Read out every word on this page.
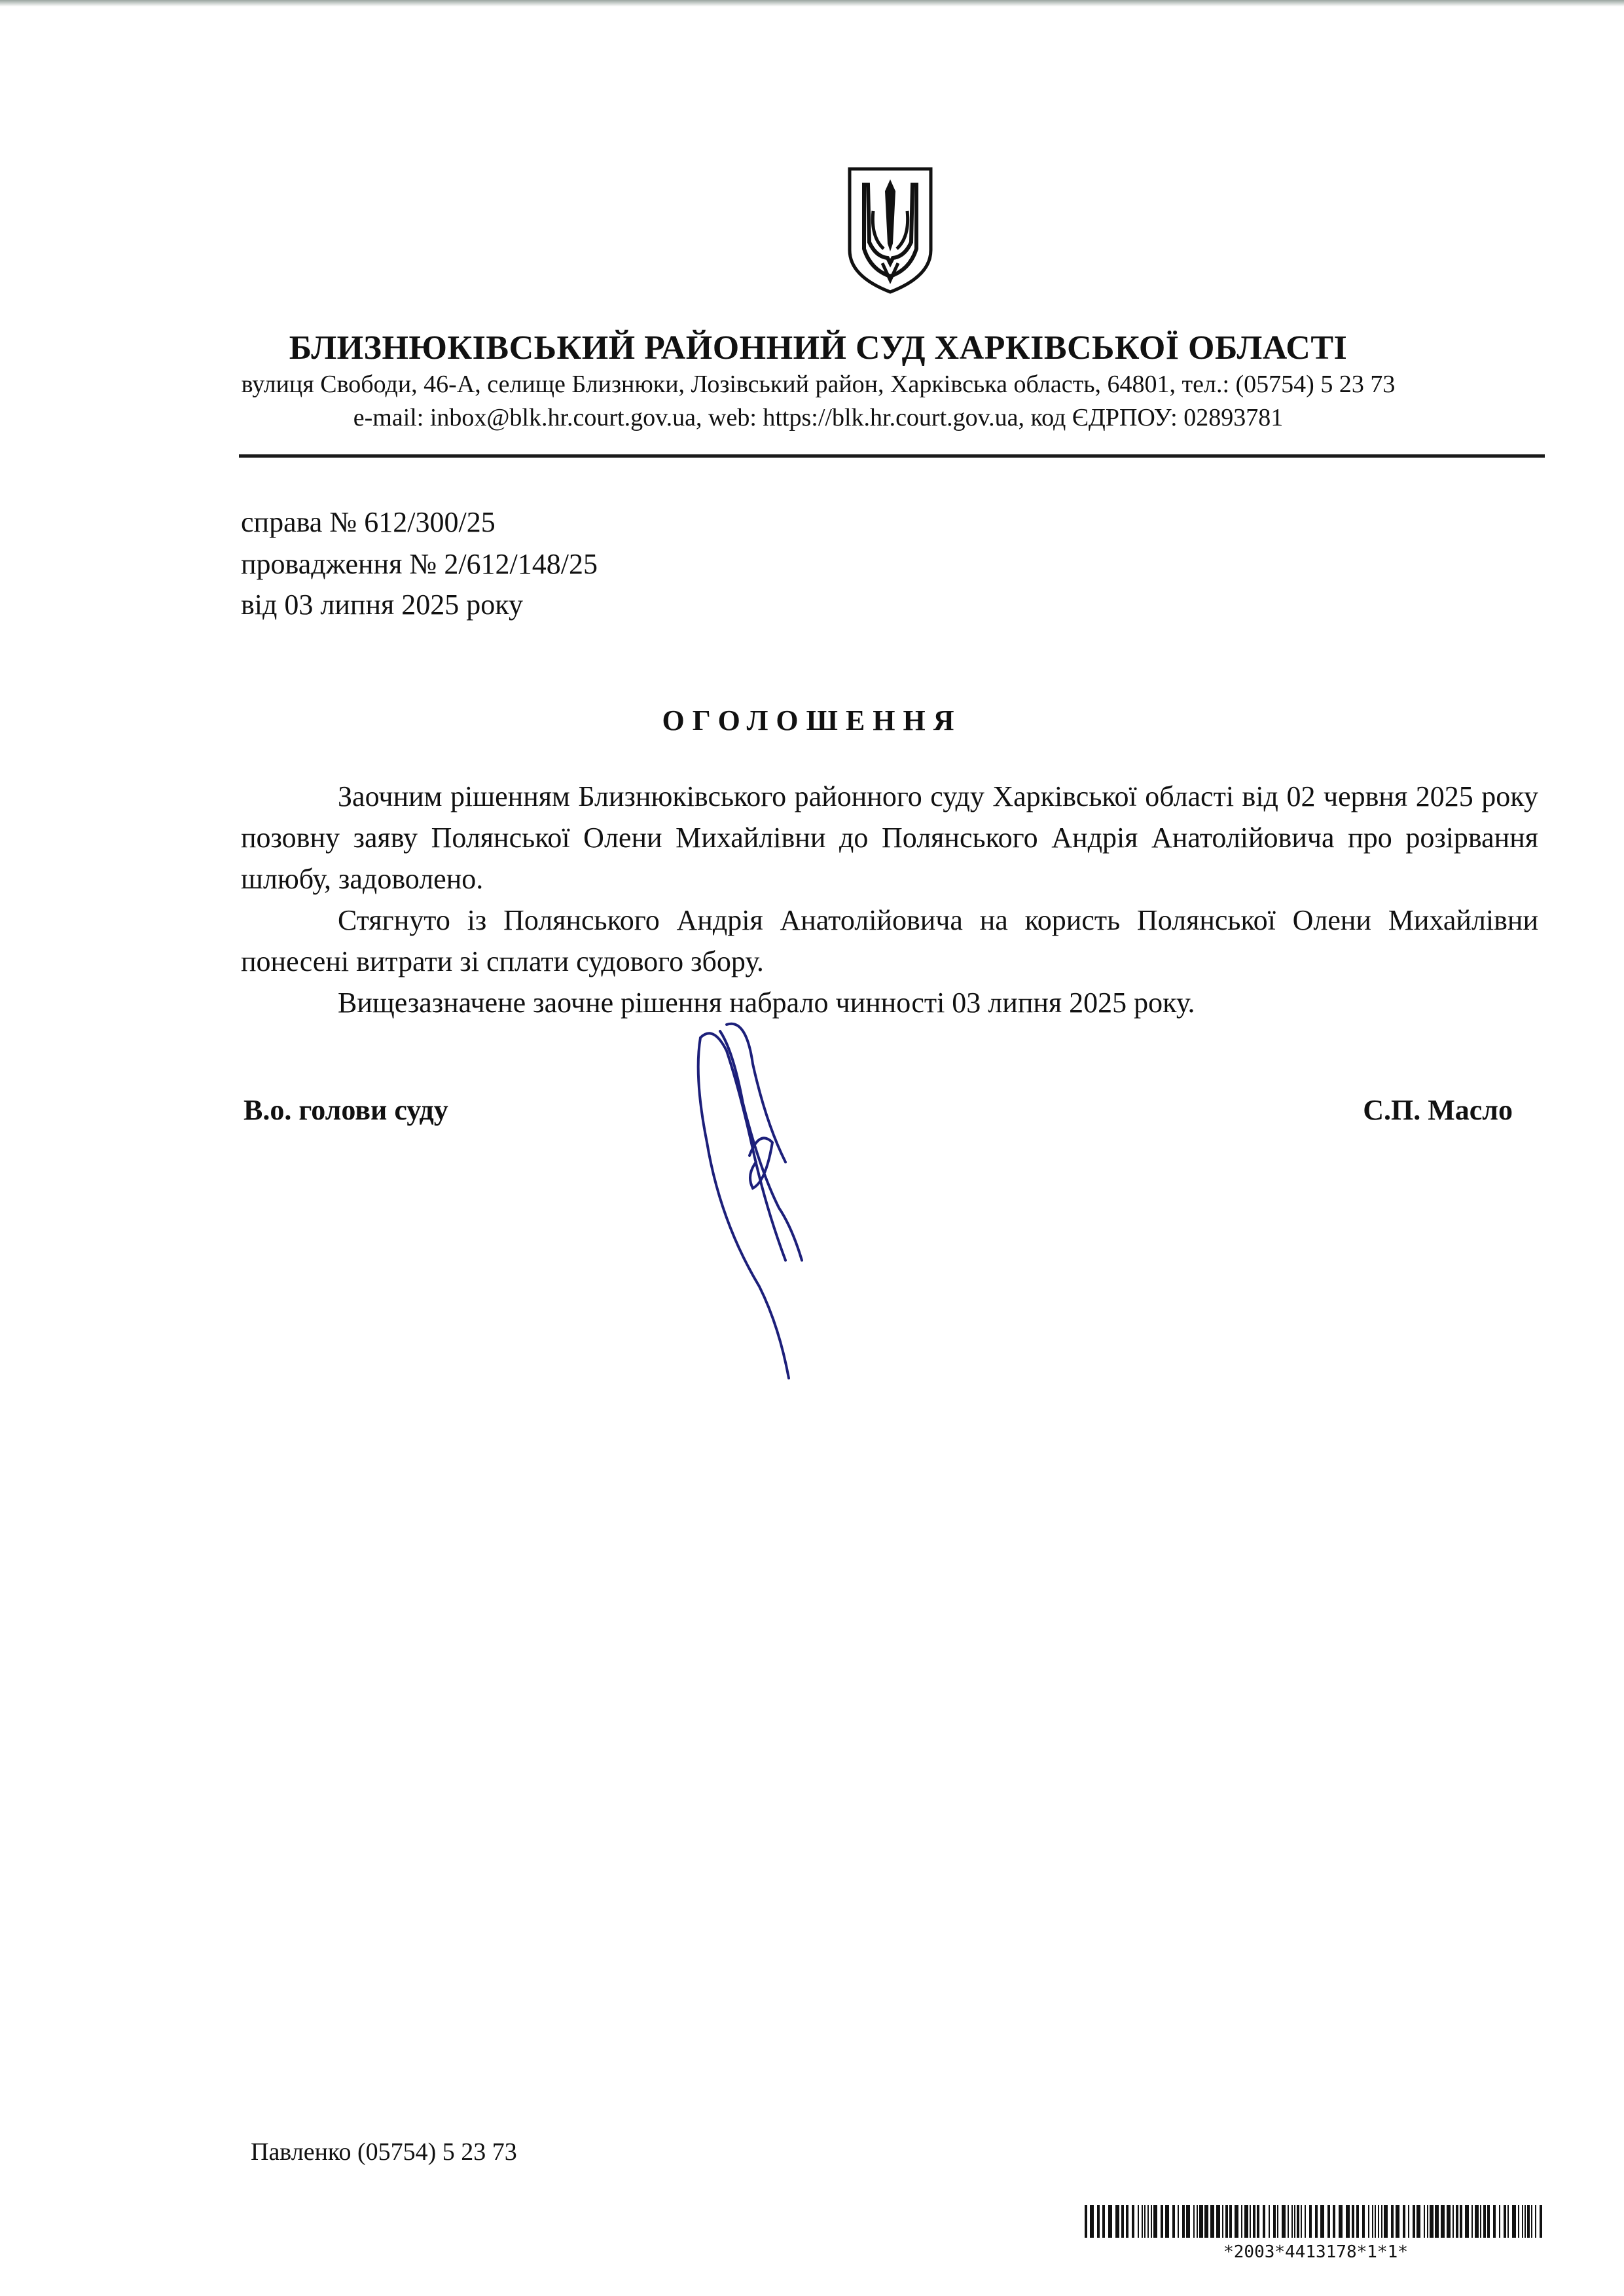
БЛИЗНЮКІВСЬКИЙ РАЙОННИЙ СУД ХАРКІВСЬКОЇ ОБЛАСТІ
вулиця Свободи, 46-А, селище Близнюки, Лозівський район, Харківська область, 64801, тел.: (05754) 5 23 73
e-mail: inbox@blk.hr.court.gov.ua, web: https://blk.hr.court.gov.ua, код ЄДРПОУ: 02893781
справа № 612/300/25
провадження № 2/612/148/25
від 03 липня 2025 року
ОГОЛОШЕННЯ

Заочним рішенням Близнюківського районного суду Харківської області від 02 червня 2025 року позовну заяву Полянської Олени Михайлівни до Полянського Андрія Анатолійовича про розірвання шлюбу, задоволено.

Стягнуто із Полянського Андрія Анатолійовича на користь Полянської Олени Михайлівни понесені витрати зі сплати судового збору.

Вищезазначене заочне рішення набрало чинності 03 липня 2025 року.

В.о. голови суду	С.П. Масло
Павленко (05754) 5 23 73
*2003*4413178*1*1*
